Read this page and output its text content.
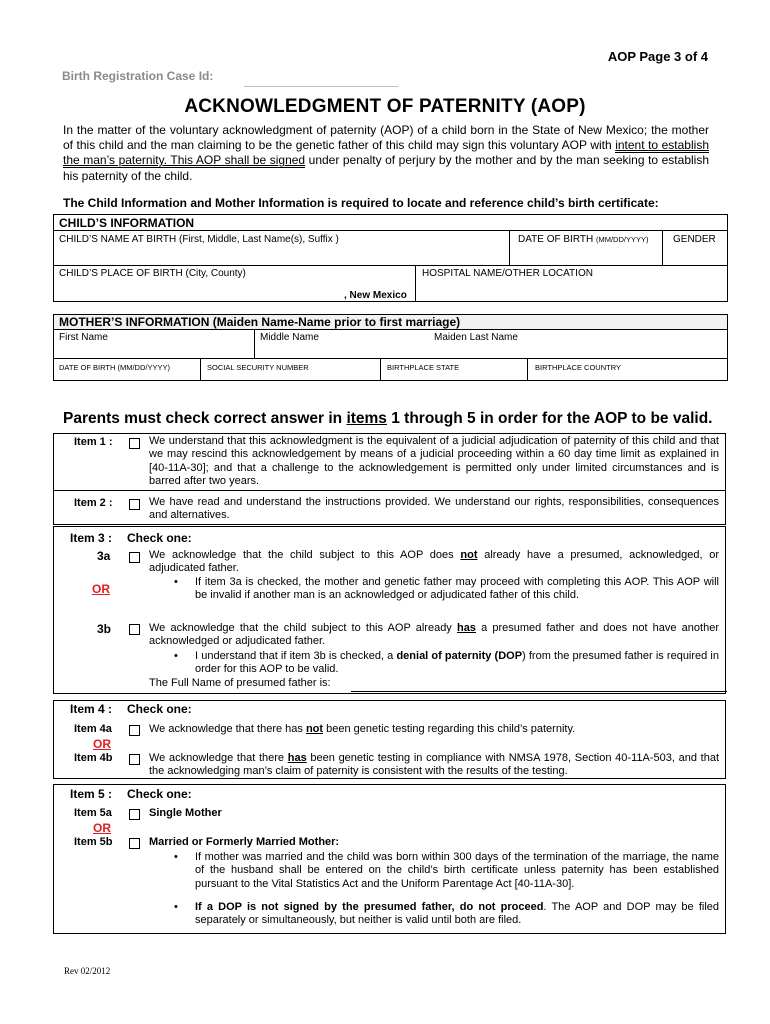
AOP Page 3 of 4
Birth Registration Case Id:
ACKNOWLEDGMENT OF PATERNITY (AOP)
In the matter of the voluntary acknowledgment of paternity (AOP) of a child born in the State of New Mexico; the mother of this child and the man claiming to be the genetic father of this child may sign this voluntary AOP with intent to establish the man’s paternity. This AOP shall be signed under penalty of perjury by the mother and by the man seeking to establish his paternity of the child.
The Child Information and Mother Information is required to locate and reference child’s birth certificate:
CHILD’S INFORMATION
CHILD’S NAME AT BIRTH (First, Middle, Last Name(s), Suffix )	DATE OF BIRTH (MM/DD/YYYY) GENDER
CHILD’S PLACE OF BIRTH (City, County)
, New Mexico
HOSPITAL NAME/OTHER LOCATION
MOTHER’S INFORMATION (Maiden Name-Name prior to first marriage)
First Name	Middle Name	Maiden Last Name
DATE OF BIRTH (MM/DD/YYYY)	SOCIAL SECURITY NUMBER	BIRTHPLACE STATE	BIRTHPLACE COUNTRY
Parents must check correct answer in items 1 through 5 in order for the AOP to be valid.
Item 1 :	We understand that this acknowledgment is the equivalent of a judicial adjudication of paternity of this child and that we may rescind this acknowledgement by means of a judicial proceeding within a 60 day time limit as explained in [40-11A-30]; and that a challenge to the acknowledgement is permitted only under limited circumstances and is barred after two years.
Item 2 :	We have read and understand the instructions provided. We understand our rights, responsibilities, consequences and alternatives.
Item 3 : Check one:
3a	We acknowledge that the child subject to this AOP does not already have a presumed, acknowledged, or adjudicated father.
• If item 3a is checked, the mother and genetic father may proceed with completing this AOP. This AOP will be invalid if another man is an acknowledged or adjudicated father of this child.
OR
3b	We acknowledge that the child subject to this AOP already has a presumed father and does not have another acknowledged or adjudicated father.
• I understand that if item 3b is checked, a denial of paternity (DOP) from the presumed father is required in order for this AOP to be valid.
The Full Name of presumed father is:
Item 4 : Check one:
Item 4a	We acknowledge that there has not been genetic testing regarding this child’s paternity.
OR
Item 4b	We acknowledge that there has been genetic testing in compliance with NMSA 1978, Section 40-11A-503, and that the acknowledging man’s claim of paternity is consistent with the results of the testing.
Item 5 : Check one:
Item 5a	Single Mother
OR
Item 5b	Married or Formerly Married Mother:
• If mother was married and the child was born within 300 days of the termination of the marriage, the name of the husband shall be entered on the child’s birth certificate unless paternity has been established pursuant to the Vital Statistics Act and the Uniform Parentage Act [40-11A-30].
• If a DOP is not signed by the presumed father, do not proceed. The AOP and DOP may be filed separately or simultaneously, but neither is valid until both are filed.
Rev 02/2012
